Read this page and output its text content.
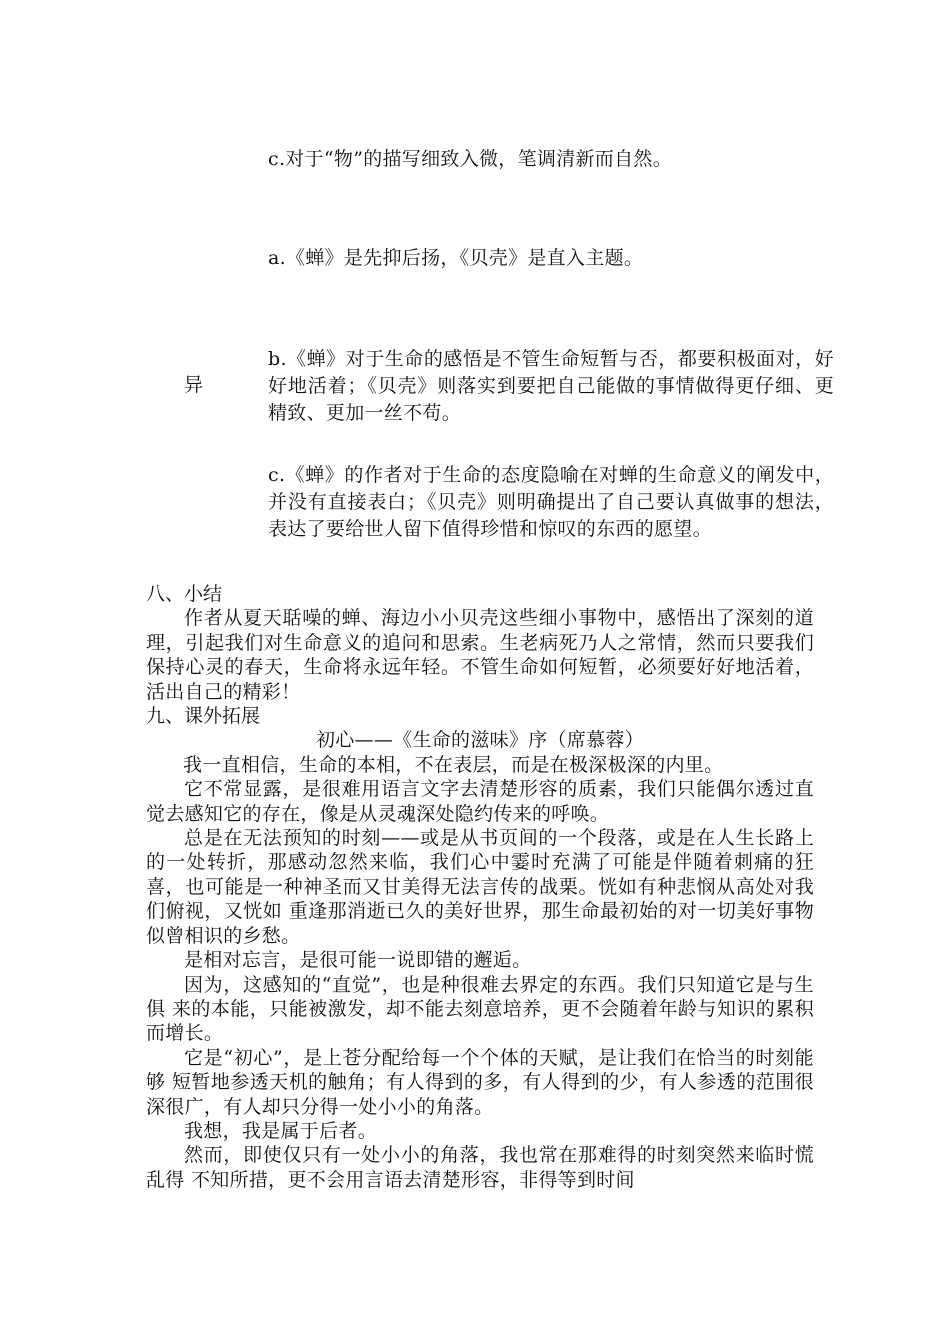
c.对于“物”的描写细致入微，笔调清新而自然。

a.《蝉》是先抑后扬，《贝壳》是直入主题。

异

b.《蝉》对于生命的感悟是不管生命短暂与否，都要积极面对，好好地活着；《贝壳》则落实到要把自己能做的事情做得更仔细、更精致、更加一丝不苟。

c.《蝉》的作者对于生命的态度隐喻在对蝉的生命意义的阐发中，并没有直接表白；《贝壳》则明确提出了自己要认真做事的想法，表达了要给世人留下值得珍惜和惊叹的东西的愿望。

八、小结

作者从夏天聒噪的蝉、海边小小贝壳这些细小事物中，感悟出了深刻的道理，引起我们对生命意义的追问和思索。生老病死乃人之常情，然而只要我们保持心灵的春天，生命将永远年轻。不管生命如何短暂，必须要好好地活着，活出自己的精彩！

九、课外拓展

初心——《生命的滋味》序（席慕蓉）

我一直相信，生命的本相，不在表层，而是在极深极深的内里。

它不常显露，是很难用语言文字去清楚形容的质素，我们只能偶尔透过直觉去感知它的存在，像是从灵魂深处隐约传来的呼唤。

总是在无法预知的时刻——或是从书页间的一个段落，或是在人生长路上的一处转折，那感动忽然来临，我们心中霎时充满了可能是伴随着刺痛的狂喜，也可能是一种神圣而又甘美得无法言传的战栗。恍如有种悲悯从高处对我们俯视，又恍如 重逢那消逝已久的美好世界，那生命最初始的对一切美好事物似曾相识的乡愁。

是相对忘言，是很可能一说即错的邂逅。

因为，这感知的“直觉”，也是种很难去界定的东西。我们只知道它是与生俱 来的本能，只能被激发，却不能去刻意培养，更不会随着年龄与知识的累积而增长。

它是“初心”，是上苍分配给每一个个体的天赋，是让我们在恰当的时刻能够 短暂地参透天机的触角；有人得到的多，有人得到的少，有人参透的范围很深很广，有人却只分得一处小小的角落。

我想，我是属于后者。

然而，即使仅只有一处小小的角落，我也常在那难得的时刻突然来临时慌乱得 不知所措，更不会用言语去清楚形容，非得等到时间
